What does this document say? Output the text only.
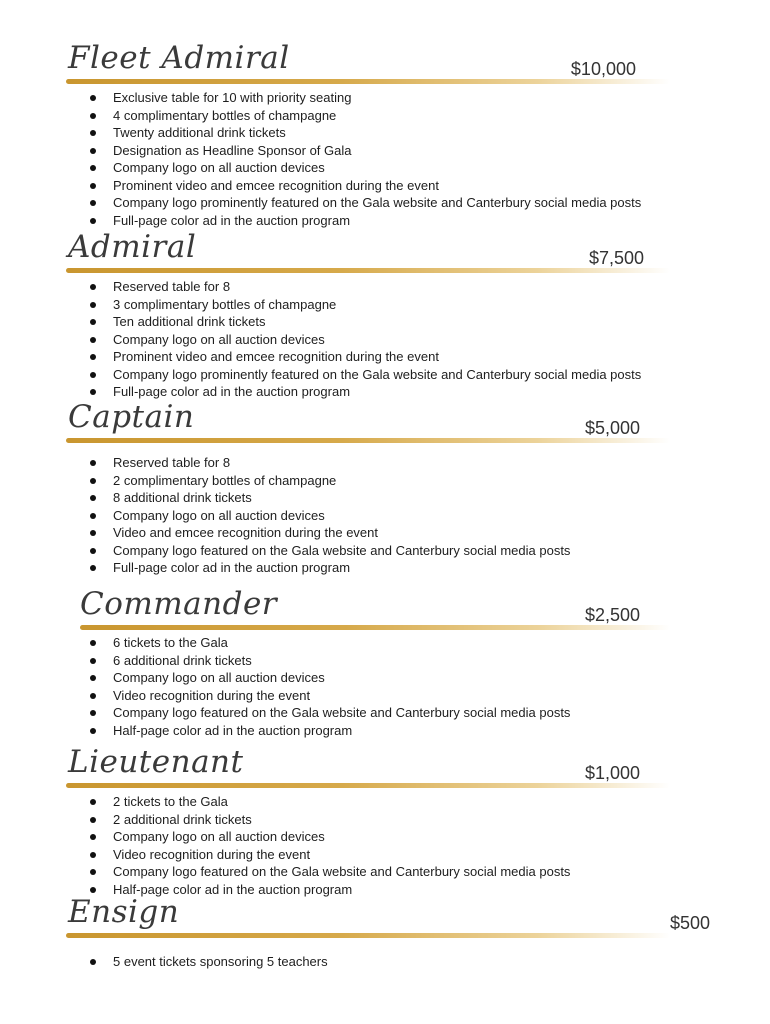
Fleet Admiral	$10,000
Exclusive table for 10 with priority seating
4 complimentary bottles of champagne
Twenty additional drink tickets
Designation as Headline Sponsor of Gala
Company logo on all auction devices
Prominent video and emcee recognition during the event
Company logo prominently featured on the Gala website and Canterbury social media posts
Full-page color ad in the auction program
Admiral	$7,500
Reserved table for 8
3 complimentary bottles of champagne
Ten additional drink tickets
Company logo on all auction devices
Prominent video and emcee recognition during the event
Company logo prominently featured on the Gala website and Canterbury social media posts
Full-page color ad in the auction program
Captain	$5,000
Reserved table for 8
2 complimentary bottles of champagne
8 additional drink tickets
Company logo on all auction devices
Video and emcee recognition during the event
Company logo featured on the Gala website and Canterbury social media posts
Full-page color ad in the auction program
Commander	$2,500
6 tickets to the Gala
6 additional drink tickets
Company logo on all auction devices
Video recognition during the event
Company logo featured on the Gala website and Canterbury social media posts
Half-page color ad in the auction program
Lieutenant	$1,000
2 tickets to the Gala
2 additional drink tickets
Company logo on all auction devices
Video recognition during the event
Company logo featured on the Gala website and Canterbury social media posts
Half-page color ad in the auction program
Ensign	$500
5 event tickets sponsoring 5 teachers
